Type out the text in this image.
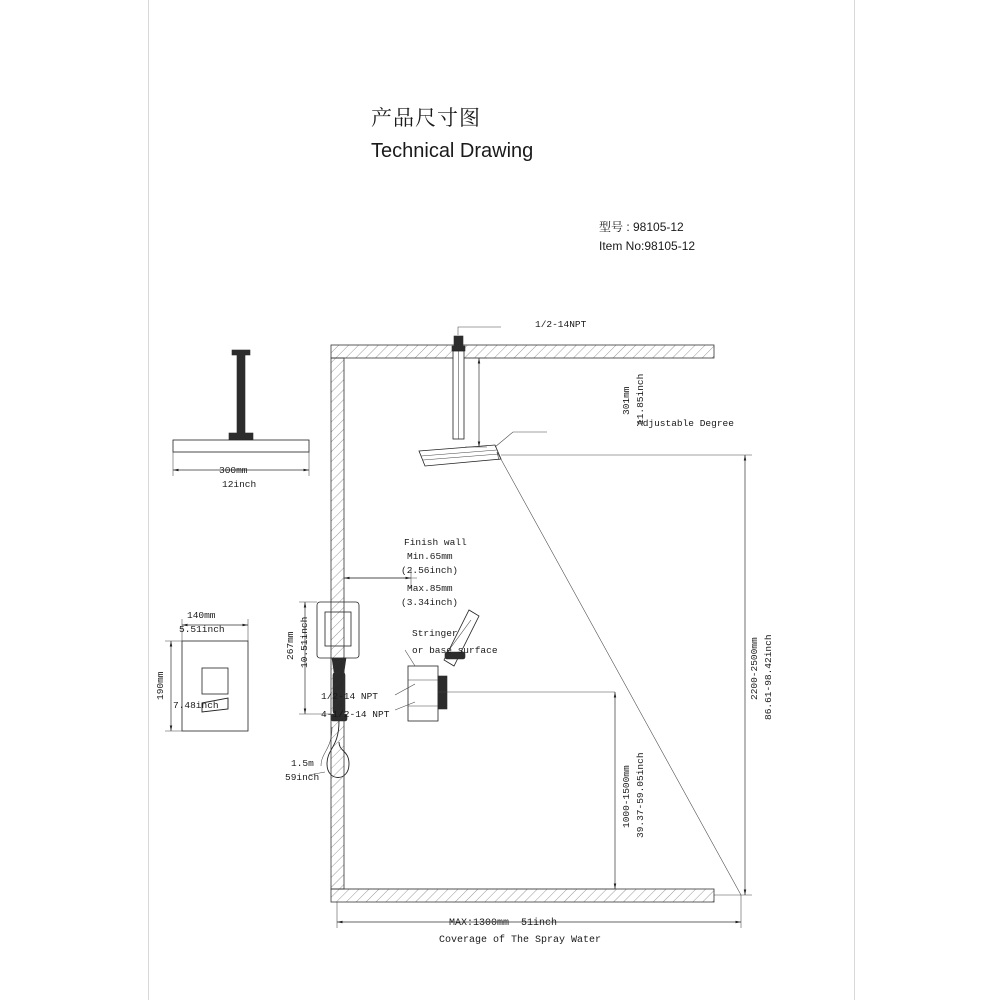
产品尺寸图
Technical Drawing
型号 : 98105-12
Item No:98105-12
1/2-14NPT
301mm 11.85inch
Adjustable Degree
300mm
12inch
Finish wall
Min.65mm
(2.56inch)
Max.85mm
(3.34inch)
Stringer
or base surface
1/2-14 NPT
4-1/2-14 NPT
140mm
5.51inch
190mm
7.48inch
267mm 10.51inch
1.5m
59inch	1000-1500mm 39.37-59.05inch
2200-2500mm 86.61-98.42inch
MAX:1300mm  51inch
Coverage of The Spray Water
